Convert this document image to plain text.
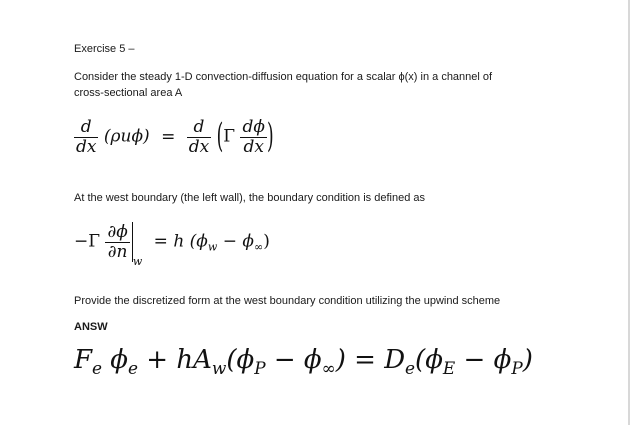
Exercise 5 –
Consider the steady 1-D convection-diffusion equation for a scalar ϕ(x) in a channel of
cross-sectional area A
$\frac{d}{dx} (\rho u\phi) = \frac{d}{dx} (\Gamma \frac{d\phi}{dx}$ )
At the west boundary (the left wall), the boundary condition is defined as
$-\Gamma \frac{\partial\phi}{\partial n} _w = h$ $(\phi_w - \phi_\infty)$
Provide the discretized form at the west boundary condition utilizing the upwind scheme
ANSW
$F_e$ $\phi_e + hA_w(\phi_P - \phi_\infty) = D_e(\phi_E - \phi_P)$
